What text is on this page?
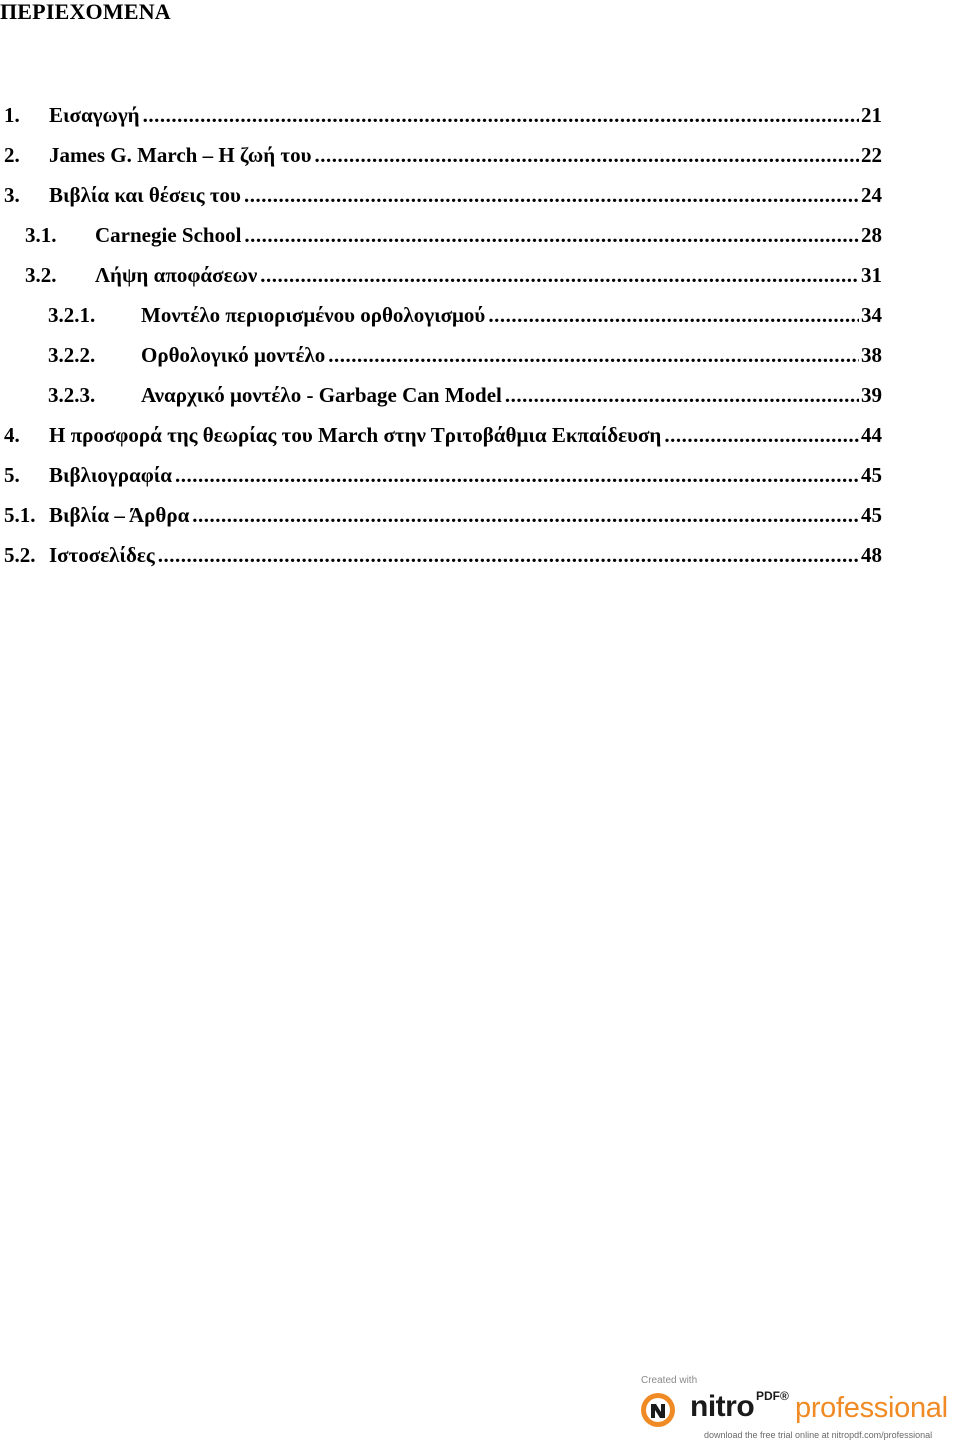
ΠΕΡΙΕΧΟΜΕΝΑ
1. Εισαγωγή .....	21
2. James G. March – Η ζωή του .....	22
3. Βιβλία και θέσεις του .....	24
3.1. Carnegie School .....	28
3.2. Λήψη αποφάσεων .....	31
3.2.1. Μοντέλο περιορισμένου ορθολογισμού .....	34
3.2.2. Ορθολογικό μοντέλο .....	38
3.2.3. Αναρχικό μοντέλο - Garbage Can Model .....	39
4. Η προσφορά της θεωρίας του March στην Τριτοβάθμια Εκπαίδευση .....	44
5. Βιβλιογραφία .....	45
5.1. Βιβλία – Άρθρα .....	45
5.2. Ιστοσελίδες .....	48
Created with
nitro PDF® professional
download the free trial online at nitropdf.com/professional
